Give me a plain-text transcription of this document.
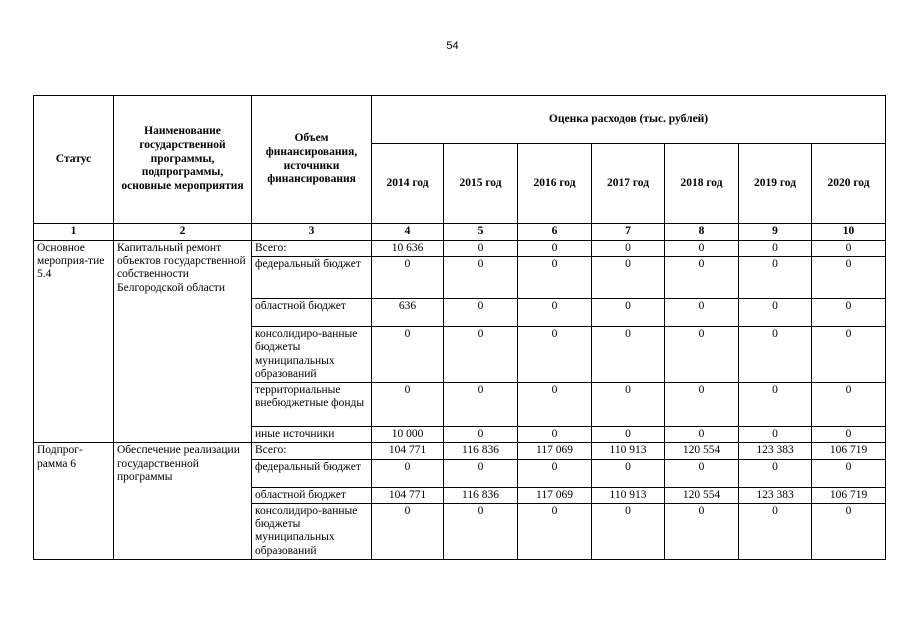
54
Статус	Наименование государственной программы, подпрограммы, основные мероприятия	Объем финансирования, источники финансирования	Оценка расходов (тыс. рублей)						
			2014 год	2015 год	2016 год	2017 год	2018 год	2019 год	2020 год
1	2	3	4	5	6	7	8	9	10
Основное мероприя-тие 5.4	Капитальный ремонт объектов государственной собственности Белгородской области	Всего:	10 636	0	0	0	0	0	0
		федеральный бюджет	0	0	0	0	0	0	0
		областной бюджет	636	0	0	0	0	0	0
		консолидиро-ванные бюджеты муниципальных образований	0	0	0	0	0	0	0
		территориальные внебюджетные фонды	0	0	0	0	0	0	0
		иные источники	10 000	0	0	0	0	0	0
Подпрог-рамма 6	Обеспечение реализации государственной программы	Всего:	104 771	116 836	117 069	110 913	120 554	123 383	106 719
		федеральный бюджет	0	0	0	0	0	0	0
		областной бюджет	104 771	116 836	117 069	110 913	120 554	123 383	106 719
		консолидиро-ванные бюджеты муниципальных образований	0	0	0	0	0	0	0
